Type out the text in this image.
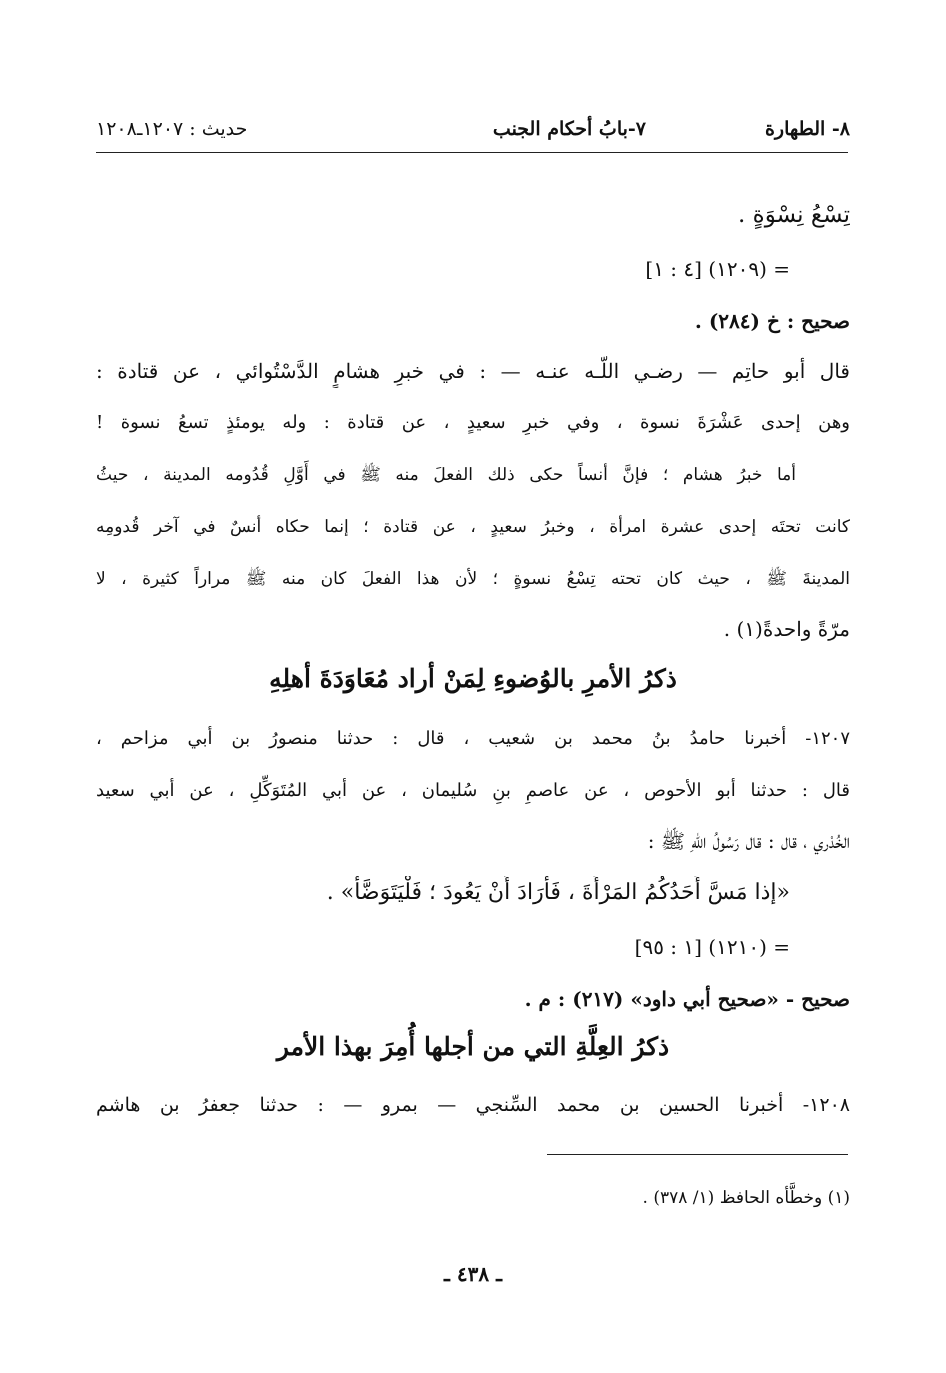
٨- الطهارة
٧-بابُ أحكام الجنب
حديث : ١٢٠٧ـ١٢٠٨
تِسْعُ نِسْوَةٍ .
= (١٢٠٩) [٤ : ١]
صحيح : خ (٢٨٤) .
قال أبو حاتِم — رضـي اللّـه عنـه — : في خبرِ هشامٍ الدَّسْتُوائي ، عن قتادة :
وهن إحدى عَشْرَةَ نسوة ، وفي خبرِ سعيدٍ ، عن قتادة : وله يومئذٍ تسعُ نسوة !
أما خبرُ هشام ؛ فإنَّ أنساً حكى ذلك الفعلَ منه ﷺ في أَوَّلِ قُدُومه المدينة ، حيثُ
كانت تحتَه إحدى عشرة امرأة ، وخبرُ سعيدٍ ، عن قتادة ؛ إنما حكاه أنسٌ في آخر قُدومِه
المدينةَ ﷺ ، حيث كان تحته تِسْعُ نسوةٍ ؛ لأن هذا الفعلَ كان منه ﷺ مراراً كثيرة ، لا
مرّةً واحدةً(١) .
ذكرُ الأمرِ بالوُضوءِ لِمَنْ أراد مُعَاوَدَةَ أهلِهِ
١٢٠٧- أخبرنا حامدُ بنُ محمد بن شعيب ، قال : حدثنا منصورُ بن أبي مزاحم ،
قال : حدثنا أبو الأحوص ، عن عاصمِ بنِ سُليمان ، عن أبي المُتَوَكِّلِ ، عن أبي سعيد
الخُدْري ، قال : قال رَسُولُ اللّهِ ﷺ :
«إذا مَسَّ أَحَدُكُمُ المَرْأَةَ ، فَأَرَادَ أَنْ يَعُودَ ؛ فَلْيَتَوَضَّأْ» .
= (١٢١٠) [١ : ٩٥]
صحيح - «صحيح أبي داود» (٢١٧) : م .
ذكرُ العِلَّةِ التي من أجلها أُمِرَ بهذا الأمر
١٢٠٨- أخبرنا الحسين بن محمد السِّنجي — بمرو — : حدثنا جعفرُ بن هاشم
(١) وخطَّأه الحافظ (١/ ٣٧٨) .
ـ ٤٣٨ ـ
